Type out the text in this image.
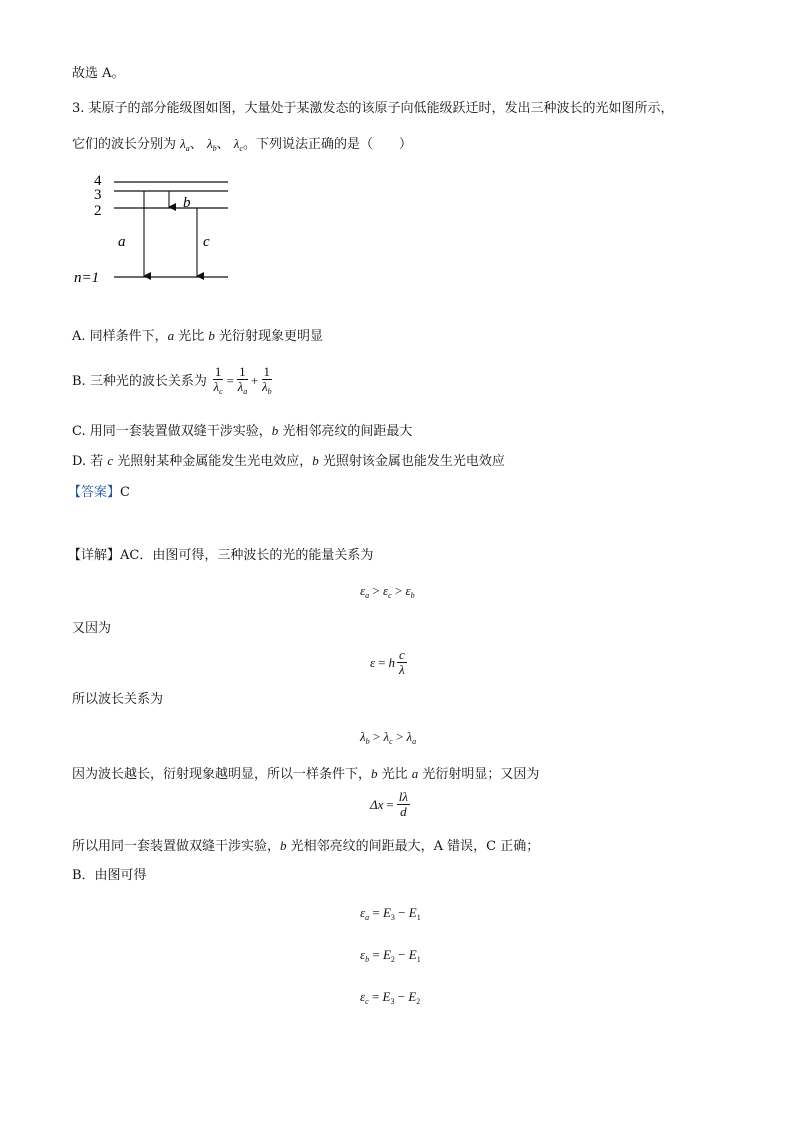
故选 A。
3. 某原子的部分能级图如图，大量处于某激发态的该原子向低能级跃迁时，发出三种波长的光如图所示，
它们的波长分别为 $\lambda_a$、 $\lambda_b$、 $\lambda_c$。下列说法正确的是（　　）
4
3
2
n=1
a
b
c
A. 同样条件下，a 光比 b 光衍射现象更明显
B. 三种光的波长关系为 $\frac{1}{\lambda_c} = \frac{1}{\lambda_a} + \frac{1}{\lambda_b}$
C. 用同一套装置做双缝干涉实验，b 光相邻亮纹的间距最大
D. 若 c 光照射某种金属能发生光电效应，b 光照射该金属也能发生光电效应
【答案】C
【详解】AC．由图可得，三种波长的光的能量关系为
$\varepsilon_a > \varepsilon_c > \varepsilon_b$
又因为
ε = h $\frac{c}{\lambda}$
所以波长关系为
$\lambda_b > \lambda_c > \lambda_a$
因为波长越长，衍射现象越明显，所以一样条件下，b 光比 a 光衍射明显；又因为
$\Delta x = \frac{l\lambda}{d}$
所以用同一套装置做双缝干涉实验，b 光相邻亮纹的间距最大，A 错误，C 正确；
B．由图可得
$\varepsilon_a = E_3 - E_1$
$\varepsilon_b = E_2 - E_1$
$\varepsilon_c = E_3 - E_2$
